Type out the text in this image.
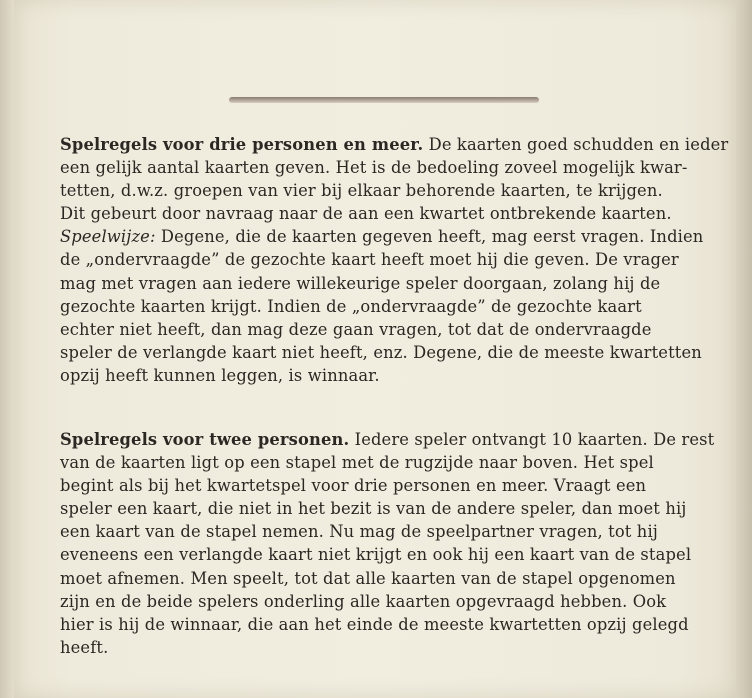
Spelregels voor drie personen en meer. De kaarten goed schudden en ieder
een gelijk aantal kaarten geven. Het is de bedoeling zoveel mogelijk kwar-
tetten, d.w.z. groepen van vier bij elkaar behorende kaarten, te krijgen.
Dit gebeurt door navraag naar de aan een kwartet ontbrekende kaarten.
Speelwijze: Degene, die de kaarten gegeven heeft, mag eerst vragen. Indien
de „ondervraagde” de gezochte kaart heeft moet hij die geven. De vrager
mag met vragen aan iedere willekeurige speler doorgaan, zolang hij de
gezochte kaarten krijgt. Indien de „ondervraagde” de gezochte kaart
echter niet heeft, dan mag deze gaan vragen, tot dat de ondervraagde
speler de verlangde kaart niet heeft, enz. Degene, die de meeste kwartetten
opzij heeft kunnen leggen, is winnaar.
Spelregels voor twee personen. Iedere speler ontvangt 10 kaarten. De rest
van de kaarten ligt op een stapel met de rugzijde naar boven. Het spel
begint als bij het kwartetspel voor drie personen en meer. Vraagt een
speler een kaart, die niet in het bezit is van de andere speler, dan moet hij
een kaart van de stapel nemen. Nu mag de speelpartner vragen, tot hij
eveneens een verlangde kaart niet krijgt en ook hij een kaart van de stapel
moet afnemen. Men speelt, tot dat alle kaarten van de stapel opgenomen
zijn en de beide spelers onderling alle kaarten opgevraagd hebben. Ook
hier is hij de winnaar, die aan het einde de meeste kwartetten opzij gelegd
heeft.
